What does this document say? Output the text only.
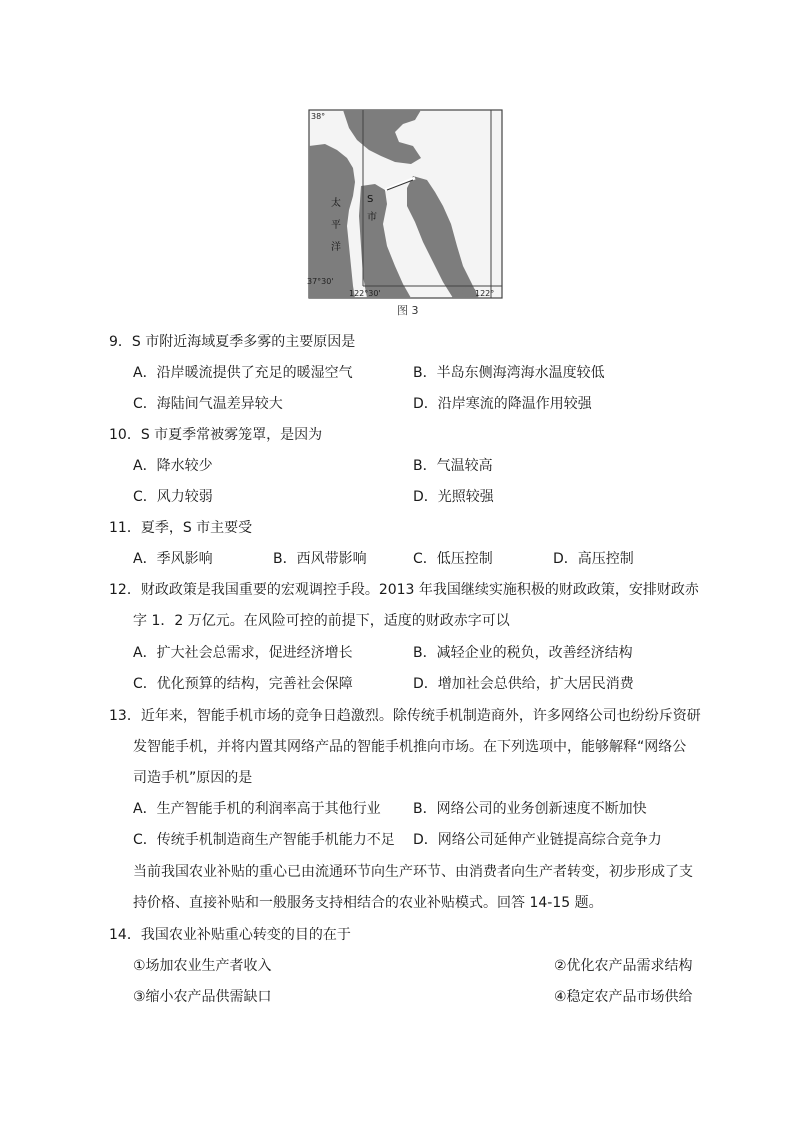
38°
37°30'
122°30'	122°
太
平
洋
S
市
图 3
9．S 市附近海域夏季多雾的主要原因是
A．沿岸暖流提供了充足的暖湿空气	B．半岛东侧海湾海水温度较低
C．海陆间气温差异较大	D．沿岸寒流的降温作用较强
10．S 市夏季常被雾笼罩，是因为
A．降水较少	B．气温较高
C．风力较弱	D．光照较强
11．夏季，S 市主要受
A．季风影响	B．西风带影响	C．低压控制	D．高压控制
12．财政政策是我国重要的宏观调控手段。2013 年我国继续实施积极的财政政策，安排财政赤
字 1．2 万亿元。在风险可控的前提下，适度的财政赤字可以
A．扩大社会总需求，促进经济增长	B．减轻企业的税负，改善经济结构
C．优化预算的结构，完善社会保障	D．增加社会总供给，扩大居民消费
13．近年来，智能手机市场的竞争日趋激烈。除传统手机制造商外，许多网络公司也纷纷斥资研
发智能手机，并将内置其网络产品的智能手机推向市场。在下列选项中，能够解释“网络公
司造手机”原因的是
A．生产智能手机的利润率高于其他行业 B．网络公司的业务创新速度不断加快
C．传统手机制造商生产智能手机能力不足 D．网络公司延伸产业链提高综合竞争力
当前我国农业补贴的重心已由流通环节向生产环节、由消费者向生产者转变，初步形成了支
持价格、直接补贴和一般服务支持相结合的农业补贴模式。回答 14-15 题。
14．我国农业补贴重心转变的目的在于
①场加农业生产者收入	②优化农产品需求结构
③缩小农产品供需缺口	④稳定农产品市场供给
